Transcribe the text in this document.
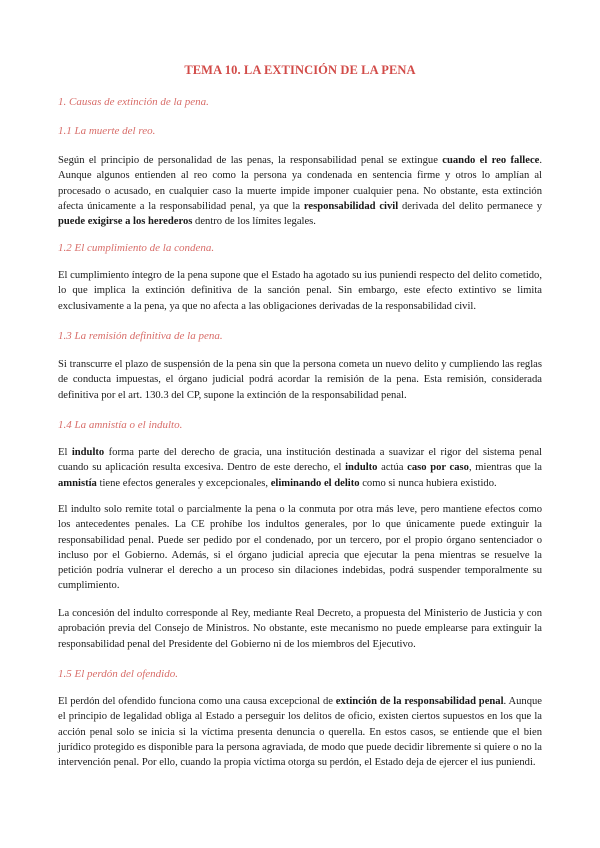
TEMA 10. LA EXTINCIÓN DE LA PENA
1. Causas de extinción de la pena.
1.1 La muerte del reo.

Según el principio de personalidad de las penas, la responsabilidad penal se extingue cuando el reo fallece. Aunque algunos entienden al reo como la persona ya condenada en sentencia firme y otros lo amplían al procesado o acusado, en cualquier caso la muerte impide imponer cualquier pena. No obstante, esta extinción afecta únicamente a la responsabilidad penal, ya que la responsabilidad civil derivada del delito permanece y puede exigirse a los herederos dentro de los límites legales.

1.2 El cumplimiento de la condena.

El cumplimiento íntegro de la pena supone que el Estado ha agotado su ius puniendi respecto del delito cometido, lo que implica la extinción definitiva de la sanción penal. Sin embargo, este efecto extintivo se limita exclusivamente a la pena, ya que no afecta a las obligaciones derivadas de la responsabilidad civil.

1.3 La remisión definitiva de la pena.

Si transcurre el plazo de suspensión de la pena sin que la persona cometa un nuevo delito y cumpliendo las reglas de conducta impuestas, el órgano judicial podrá acordar la remisión de la pena. Esta remisión, considerada definitiva por el art. 130.3 del CP, supone la extinción de la responsabilidad penal.

1.4 La amnistía o el indulto.

El indulto forma parte del derecho de gracia, una institución destinada a suavizar el rigor del sistema penal cuando su aplicación resulta excesiva. Dentro de este derecho, el indulto actúa caso por caso, mientras que la amnistía tiene efectos generales y excepcionales, eliminando el delito como si nunca hubiera existido.

El indulto solo remite total o parcialmente la pena o la conmuta por otra más leve, pero mantiene efectos como los antecedentes penales. La CE prohíbe los indultos generales, por lo que únicamente puede extinguir la responsabilidad penal. Puede ser pedido por el condenado, por un tercero, por el propio órgano sentenciador o incluso por el Gobierno. Además, si el órgano judicial aprecia que ejecutar la pena mientras se resuelve la petición podría vulnerar el derecho a un proceso sin dilaciones indebidas, podrá suspender temporalmente su cumplimiento.

La concesión del indulto corresponde al Rey, mediante Real Decreto, a propuesta del Ministerio de Justicia y con aprobación previa del Consejo de Ministros. No obstante, este mecanismo no puede emplearse para extinguir la responsabilidad penal del Presidente del Gobierno ni de los miembros del Ejecutivo.

1.5 El perdón del ofendido.

El perdón del ofendido funciona como una causa excepcional de extinción de la responsabilidad penal. Aunque el principio de legalidad obliga al Estado a perseguir los delitos de oficio, existen ciertos supuestos en los que la acción penal solo se inicia si la víctima presenta denuncia o querella. En estos casos, se entiende que el bien jurídico protegido es disponible para la persona agraviada, de modo que puede decidir libremente si quiere o no la intervención penal. Por ello, cuando la propia víctima otorga su perdón, el Estado deja de ejercer el ius puniendi.
